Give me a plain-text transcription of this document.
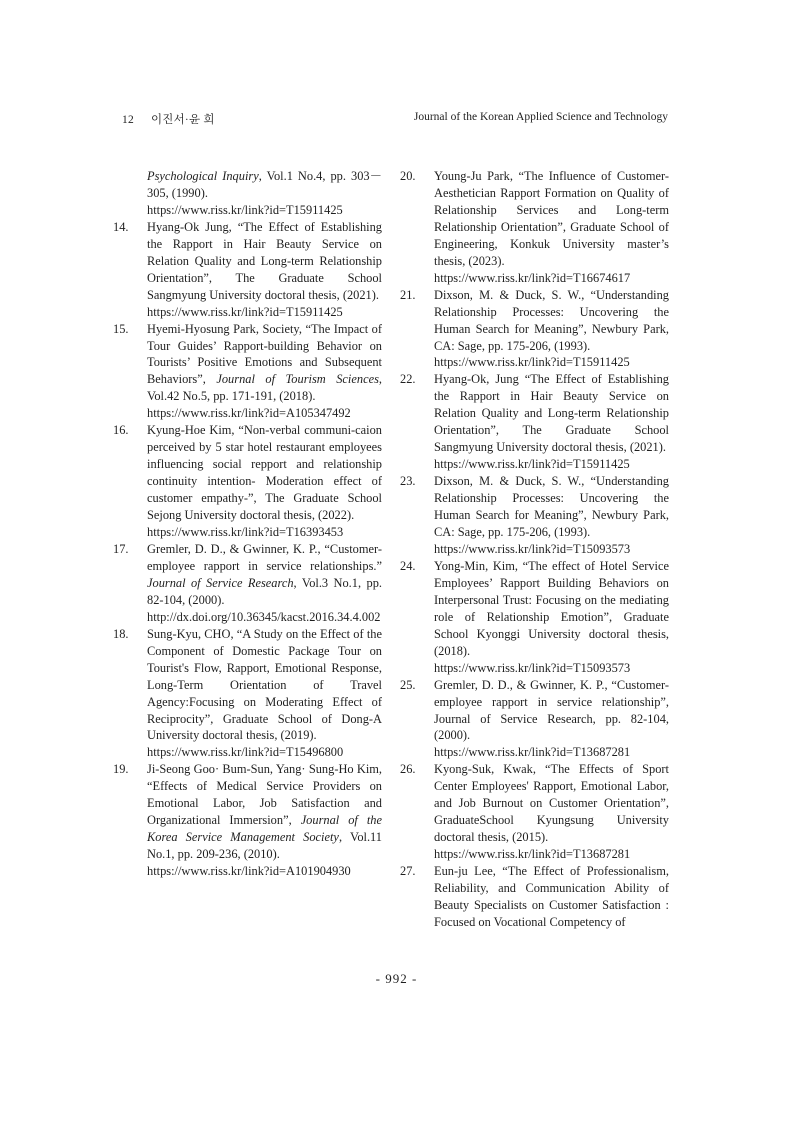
12 이진서·윤 희	Journal of the Korean Applied Science and Technology
Psychological Inquiry, Vol.1 No.4, pp. 303－305, (1990).
https://www.riss.kr/link?id=T15911425
14. Hyang-Ok Jung, “The Effect of Establishing the Rapport in Hair Beauty Service on Relation Quality and Long-term Relationship Orientation”, The Graduate School Sangmyung University doctoral thesis, (2021).
https://www.riss.kr/link?id=T15911425
15. Hyemi-Hyosung Park, Society, “The Impact of Tour Guides’ Rapport-building Behavior on Tourists’ Positive Emotions and Subsequent Behaviors”, Journal of Tourism Sciences, Vol.42 No.5, pp. 171-191, (2018).
https://www.riss.kr/link?id=A105347492
16. Kyung-Hoe Kim, “Non-verbal communi-caion perceived by 5 star hotel restaurant employees influencing social repport and relationship continuity intention- Moderation effect of customer empathy-”, The Graduate School Sejong University doctoral thesis, (2022).
https://www.riss.kr/link?id=T16393453
17. Gremler, D. D., & Gwinner, K. P., “Customer-employee rapport in service relationships.” Journal of Service Research, Vol.3 No.1, pp. 82-104, (2000).
http://dx.doi.org/10.36345/kacst.2016.34.4.002
18. Sung-Kyu, CHO, “A Study on the Effect of the Component of Domestic Package Tour on Tourist's Flow, Rapport, Emotional Response, Long-Term Orientation of Travel Agency:Focusing on Moderating Effect of Reciprocity”, Graduate School of Dong-A University doctoral thesis, (2019).
https://www.riss.kr/link?id=T15496800
19. Ji-Seong Goo· Bum-Sun, Yang· Sung-Ho Kim, “Effects of Medical Service Providers on Emotional Labor, Job Satisfaction and Organizational Immersion”, Journal of the Korea Service Management Society, Vol.11 No.1, pp. 209-236, (2010).
https://www.riss.kr/link?id=A101904930
20. Young-Ju Park, “The Influence of Customer-Aesthetician Rapport Formation on Quality of Relationship Services and Long-term Relationship Orientation”, Graduate School of Engineering, Konkuk University master’s thesis, (2023).
https://www.riss.kr/link?id=T16674617
21. Dixson, M. & Duck, S. W., “Understanding Relationship Processes: Uncovering the Human Search for Meaning”, Newbury Park, CA: Sage, pp. 175-206, (1993).
https://www.riss.kr/link?id=T15911425
22. Hyang-Ok, Jung “The Effect of Establishing the Rapport in Hair Beauty Service on Relation Quality and Long-term Relationship Orientation”, The Graduate School Sangmyung University doctoral thesis, (2021).
https://www.riss.kr/link?id=T15911425
23. Dixson, M. & Duck, S. W., “Understanding Relationship Processes: Uncovering the Human Search for Meaning”, Newbury Park, CA: Sage, pp. 175-206, (1993).
https://www.riss.kr/link?id=T15093573
24. Yong-Min, Kim, “The effect of Hotel Service Employees’ Rapport Building Behaviors on Interpersonal Trust: Focusing on the mediating role of Relationship Emotion”, Graduate School Kyonggi University doctoral thesis, (2018).
https://www.riss.kr/link?id=T15093573
25. Gremler, D. D., & Gwinner, K. P., “Customer-employee rapport in service relationship”, Journal of Service Research, pp. 82-104, (2000).
https://www.riss.kr/link?id=T13687281
26. Kyong-Suk, Kwak, “The Effects of Sport Center Employees' Rapport, Emotional Labor, and Job Burnout on Customer Orientation”, GraduateSchool Kyungsung University doctoral thesis, (2015).
https://www.riss.kr/link?id=T13687281
27. Eun-ju Lee, “The Effect of Professionalism, Reliability, and Communication Ability of Beauty Specialists on Customer Satisfaction : Focused on Vocational Competency of
- 992 -
